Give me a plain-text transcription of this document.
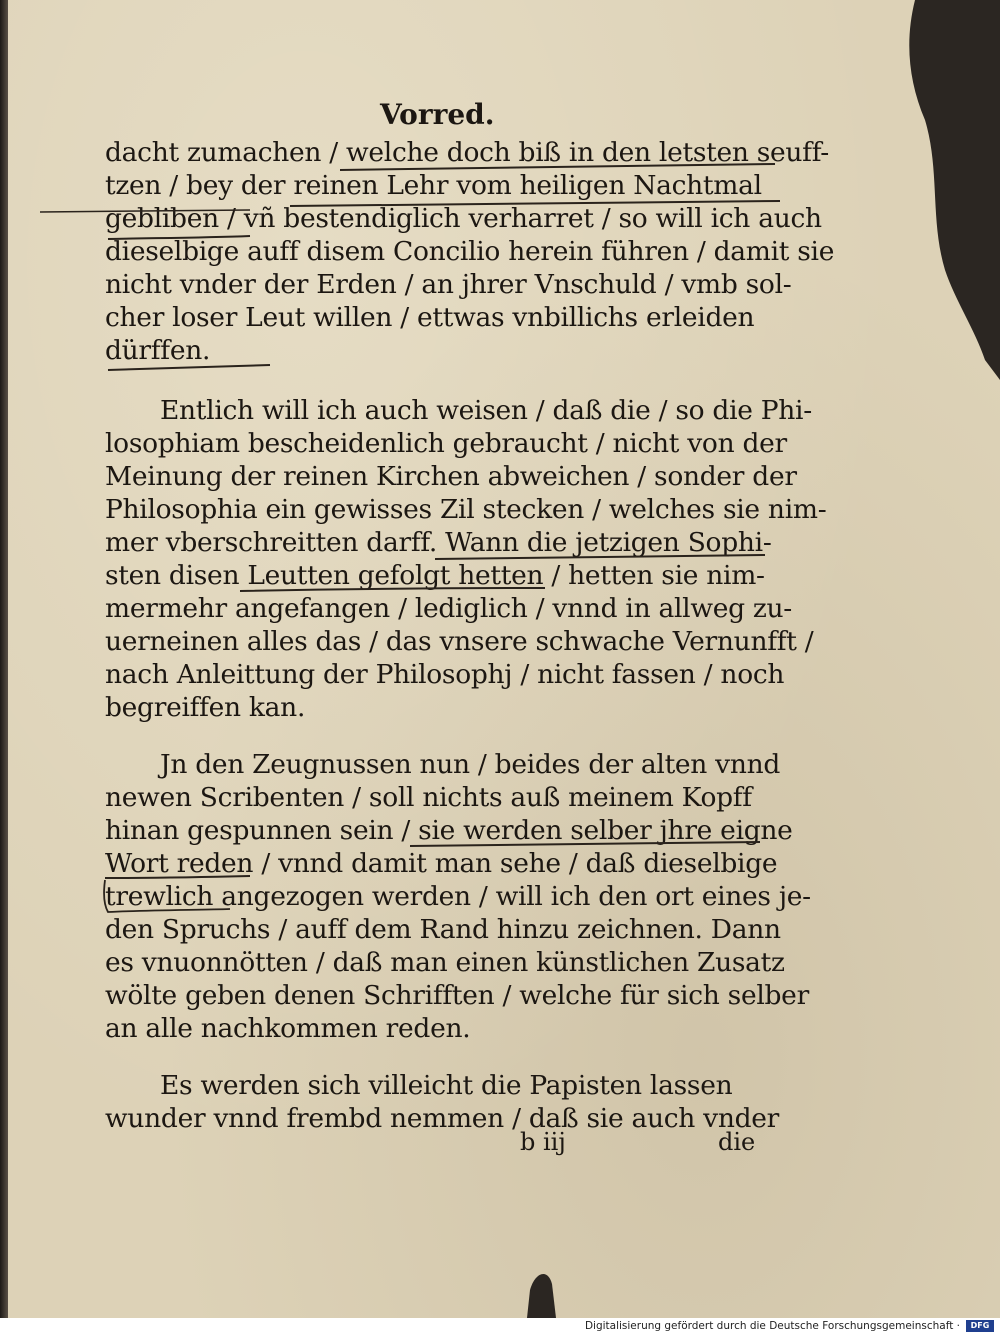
Vorred.
dacht zumachen / welche doch biß in den letsten seuff-
tzen / bey der reinen Lehr vom heiligen Nachtmal
gebliben / vñ bestendiglich verharret / so will ich auch
dieselbige auff disem Concilio herein führen / damit sie
nicht vnder der Erden / an jhrer Vnschuld / vmb sol-
cher loser Leut willen / ettwas vnbillichs erleiden
dürffen.
Entlich will ich auch weisen / daß die / so die Phi-
losophiam bescheidenlich gebraucht / nicht von der
Meinung der reinen Kirchen abweichen / sonder der
Philosophia ein gewisses Zil stecken / welches sie nim-
mer vberschreitten darff. Wann die jetzigen Sophi-
sten disen Leutten gefolgt hetten / hetten sie nim-
mermehr angefangen / lediglich / vnnd in allweg zu-
uerneinen alles das / das vnsere schwache Vernunfft /
nach Anleittung der Philosophj / nicht fassen / noch
begreiffen kan.
Jn den Zeugnussen nun / beides der alten vnnd
newen Scribenten / soll nichts auß meinem Kopff
hinan gespunnen sein / sie werden selber jhre eigne
Wort reden / vnnd damit man sehe / daß dieselbige
trewlich angezogen werden / will ich den ort eines je-
den Spruchs / auff dem Rand hinzu zeichnen. Dann
es vnuonnötten / daß man einen künstlichen Zusatz
wölte geben denen Schrifften / welche für sich selber
an alle nachkommen reden.
Es werden sich villeicht die Papisten lassen
wunder vnnd frembd nemmen / daß sie auch vnder
b iij	die
Digitalisierung gefördert durch die Deutsche Forschungsgemeinschaft ·	DFG
